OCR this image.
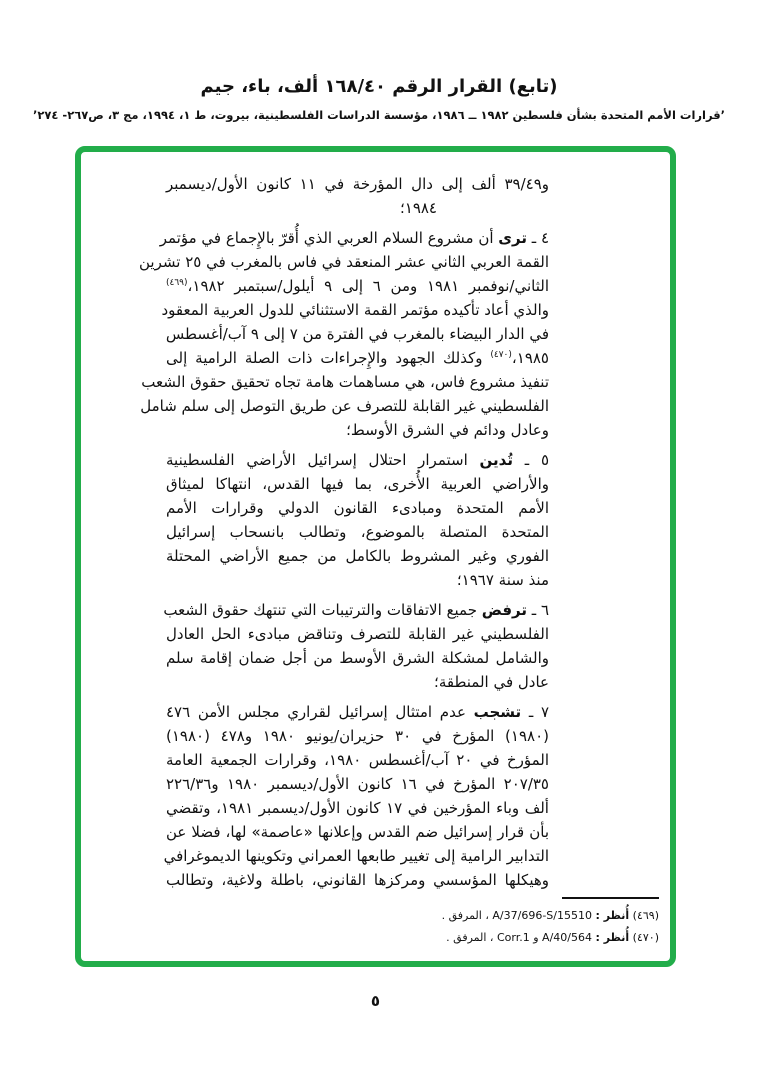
(تابع) القرار الرقم ١٦٨/٤٠ ألف، باء، جيم
’قرارات الأمم المتحدة بشأن فلسطين ١٩٨٢ ــ ١٩٨٦، مؤسسة الدراسات الفلسطينية، بيروت، ط ١، ١٩٩٤، مج ٣، ص٢٦٧- ٢٧٤’
و٣٩/٤٩ ألف إلى دال المؤرخة في ١١ كانون الأول/ديسمبر
١٩٨٤؛
٤ ـ ترى أن مشروع السلام العربي الذي أُقرّ بالإِجماع في مؤتمر
القمة العربي الثاني عشر المنعقد في فاس بالمغرب في ٢٥ تشرين
الثاني/نوفمبر ١٩٨١ ومن ٦ إلى ٩ أيلول/سبتمبر ١٩٨٢،$^{(٤٦٩)}$
والذي أعاد تأكيده مؤتمر القمة الاستثنائي للدول العربية المعقود
في الدار البيضاء بالمغرب في الفترة من ٧ إلى ٩ آب/أغسطس
١٩٨٥،$^{(٤٧٠)}$ وكذلك الجهود والإِجراءات ذات الصلة الرامية إلى
تنفيذ مشروع فاس، هي مساهمات هامة تجاه تحقيق حقوق الشعب
الفلسطيني غير القابلة للتصرف عن طريق التوصل إلى سلم شامل
وعادل ودائم في الشرق الأوسط؛
٥ ـ تُدين استمرار احتلال إسرائيل الأراضي الفلسطينية
والأراضي العربية الأُخرى، بما فيها القدس، انتهاكا لميثاق
الأمم المتحدة ومبادىء القانون الدولي وقرارات الأمم
المتحدة المتصلة بالموضوع، وتطالب بانسحاب إسرائيل
الفوري وغير المشروط بالكامل من جميع الأراضي المحتلة
منذ سنة ١٩٦٧؛
٦ ـ ترفض جميع الاتفاقات والترتيبات التي تنتهك حقوق الشعب
الفلسطيني غير القابلة للتصرف وتناقض مبادىء الحل العادل
والشامل لمشكلة الشرق الأوسط من أجل ضمان إقامة سلم
عادل في المنطقة؛
٧ ـ تشجب عدم امتثال إسرائيل لقراري مجلس الأمن ٤٧٦
(١٩٨٠) المؤرخ في ٣٠ حزيران/يونيو ١٩٨٠ و٤٧٨ (١٩٨٠)
المؤرخ في ٢٠ آب/أغسطس ١٩٨٠، وقرارات الجمعية العامة
٢٠٧/٣٥ المؤرخ في ١٦ كانون الأول/ديسمبر ١٩٨٠ و٢٢٦/٣٦
ألف وباء المؤرخين في ١٧ كانون الأول/ديسمبر ١٩٨١، وتقضي
بأن قرار إسرائيل ضم القدس وإعلانها «عاصمة» لها، فضلا عن
التدابير الرامية إلى تغيير طابعها العمراني وتكوينها الديموغرافي
وهيكلها المؤسسي ومركزها القانوني، باطلة ولاغية، وتطالب
(٤٦٩) أُنظر : A/37/696-S/15510 ، المرفق .
(٤٧٠) أُنظر : A/40/564 و Corr.1 ، المرفق .
٥
